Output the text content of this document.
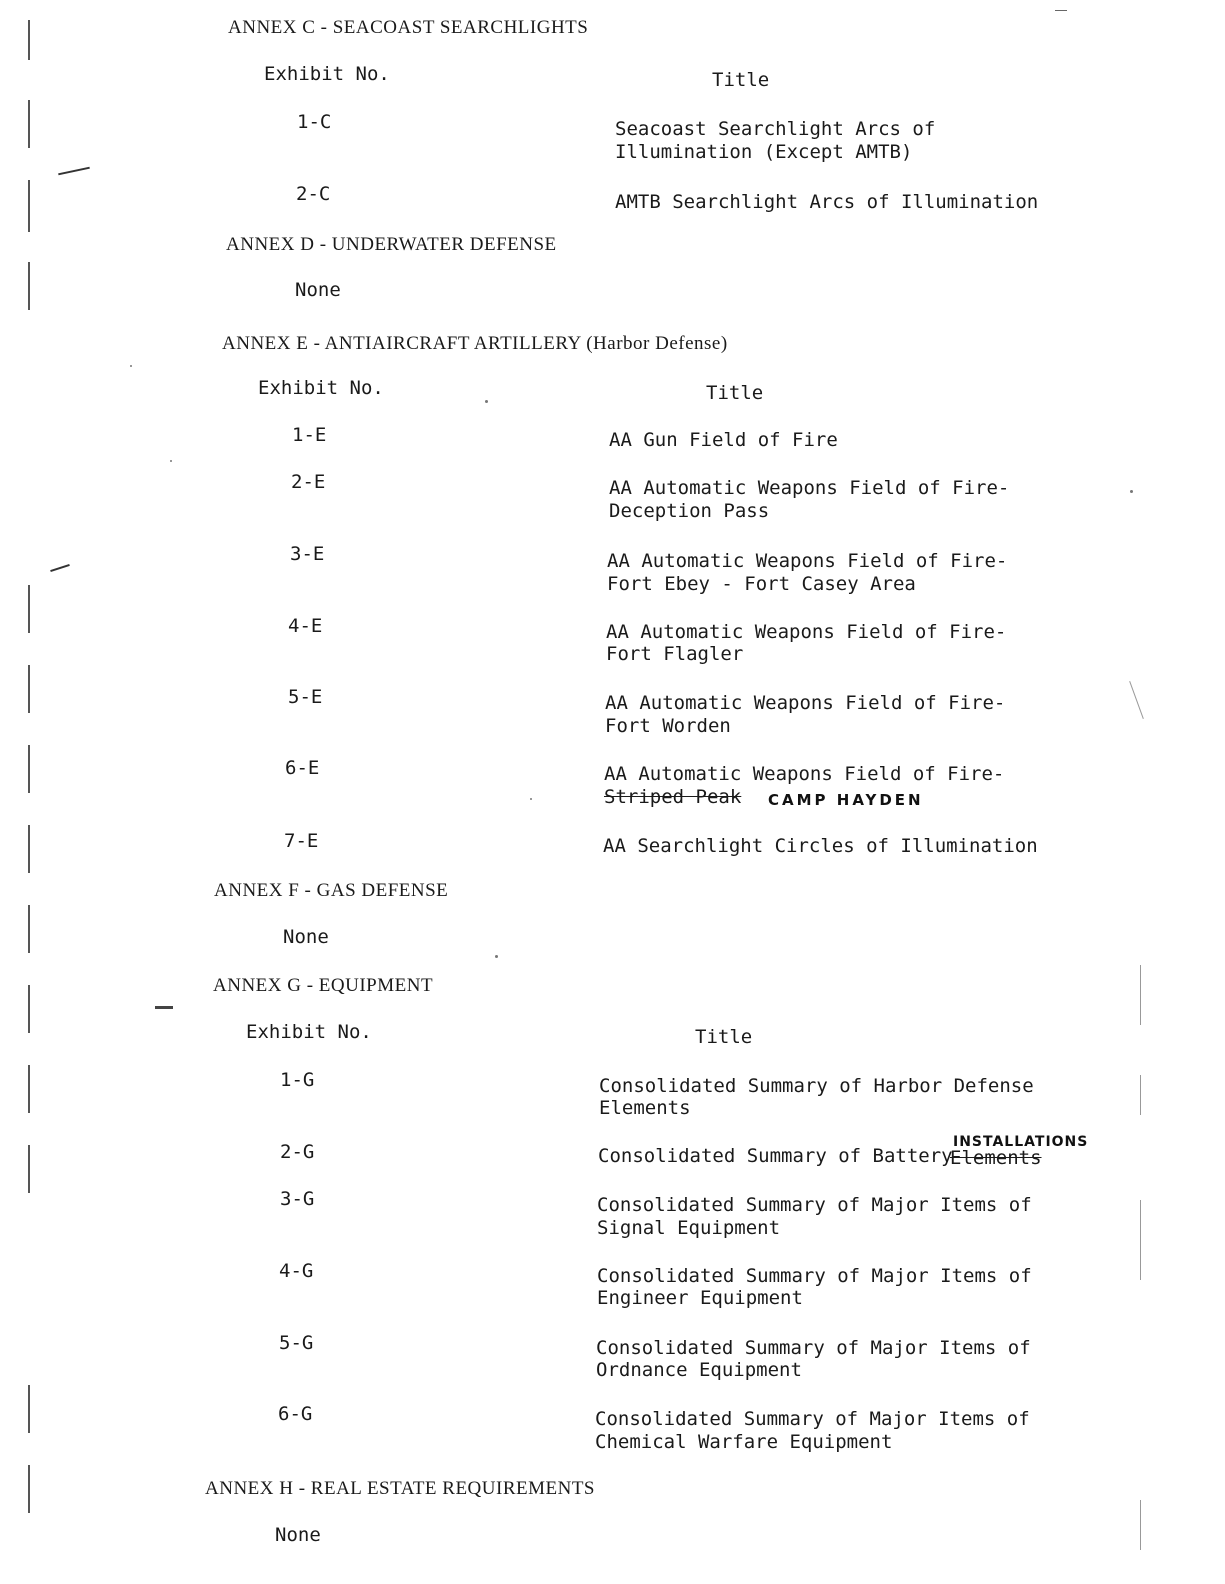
ANNEX C - SEACOAST SEARCHLIGHTS
Exhibit No.	Title
1-C	Seacoast Searchlight Arcs of
Illumination (Except AMTB)
2-C	AMTB Searchlight Arcs of Illumination
ANNEX D - UNDERWATER DEFENSE
None
ANNEX E - ANTIAIRCRAFT ARTILLERY (Harbor Defense)
Exhibit No.	Title
1-E	AA Gun Field of Fire
2-E	AA Automatic Weapons Field of Fire-
Deception Pass
3-E	AA Automatic Weapons Field of Fire-
Fort Ebey - Fort Casey Area
4-E	AA Automatic Weapons Field of Fire-
Fort Flagler
5-E	AA Automatic Weapons Field of Fire-
Fort Worden
6-E	AA Automatic Weapons Field of Fire-
Striped Peak CAMP HAYDEN
7-E	AA Searchlight Circles of Illumination
ANNEX F - GAS DEFENSE
None
ANNEX G - EQUIPMENT
Exhibit No.	Title
1-G	Consolidated Summary of Harbor Defense
Elements
2-G	Consolidated Summary of Battery
Elements
INSTALLATIONS
3-G	Consolidated Summary of Major Items of
Signal Equipment
4-G	Consolidated Summary of Major Items of
Engineer Equipment
5-G	Consolidated Summary of Major Items of
Ordnance Equipment
6-G	Consolidated Summary of Major Items of
Chemical Warfare Equipment
ANNEX H - REAL ESTATE REQUIREMENTS
None
